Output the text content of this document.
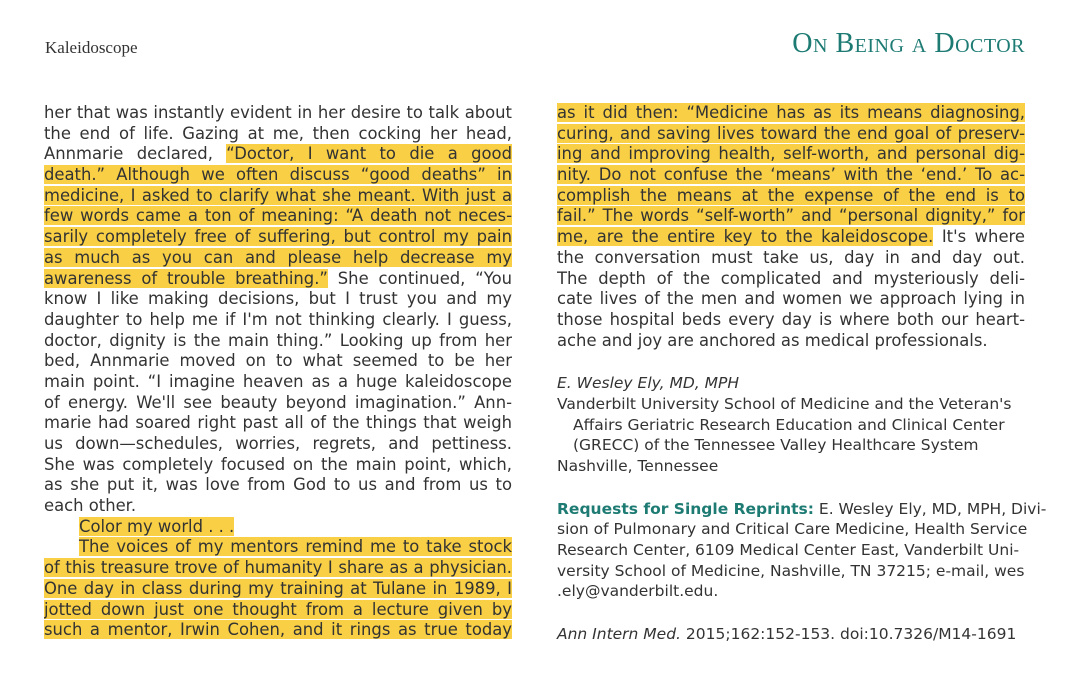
Kaleidoscope	On Being a Doctor
her that was instantly evident in her desire to talk about
the end of life. Gazing at me, then cocking her head,
Annmarie declared, “Doctor, I want to die a good
death.” Although we often discuss “good deaths” in
medicine, I asked to clarify what she meant. With just a
few words came a ton of meaning: “A death not neces-
sarily completely free of suffering, but control my pain
as much as you can and please help decrease my
awareness of trouble breathing.” She continued, “You
know I like making decisions, but I trust you and my
daughter to help me if I'm not thinking clearly. I guess,
doctor, dignity is the main thing.” Looking up from her
bed, Annmarie moved on to what seemed to be her
main point. “I imagine heaven as a huge kaleidoscope
of energy. We'll see beauty beyond imagination.” Ann-
marie had soared right past all of the things that weigh
us down—schedules, worries, regrets, and pettiness.
She was completely focused on the main point, which,
as she put it, was love from God to us and from us to
each other.
Color my world . . .
The voices of my mentors remind me to take stock
of this treasure trove of humanity I share as a physician.
One day in class during my training at Tulane in 1989, I
jotted down just one thought from a lecture given by
such a mentor, Irwin Cohen, and it rings as true today
as it did then: “Medicine has as its means diagnosing,
curing, and saving lives toward the end goal of preserv-
ing and improving health, self-worth, and personal dig-
nity. Do not confuse the ‘means’ with the ‘end.’ To ac-
complish the means at the expense of the end is to
fail.” The words “self-worth” and “personal dignity,” for
me, are the entire key to the kaleidoscope. It's where
the conversation must take us, day in and day out.
The depth of the complicated and mysteriously deli-
cate lives of the men and women we approach lying in
those hospital beds every day is where both our heart-
ache and joy are anchored as medical professionals.
E. Wesley Ely, MD, MPH
Vanderbilt University School of Medicine and the Veteran's
Affairs Geriatric Research Education and Clinical Center
(GRECC) of the Tennessee Valley Healthcare System
Nashville, Tennessee
Requests for Single Reprints: E. Wesley Ely, MD, MPH, Divi-
sion of Pulmonary and Critical Care Medicine, Health Service
Research Center, 6109 Medical Center East, Vanderbilt Uni-
versity School of Medicine, Nashville, TN 37215; e-mail, wes
.ely@vanderbilt.edu.
Ann Intern Med. 2015;162:152-153. doi:10.7326/M14-1691
